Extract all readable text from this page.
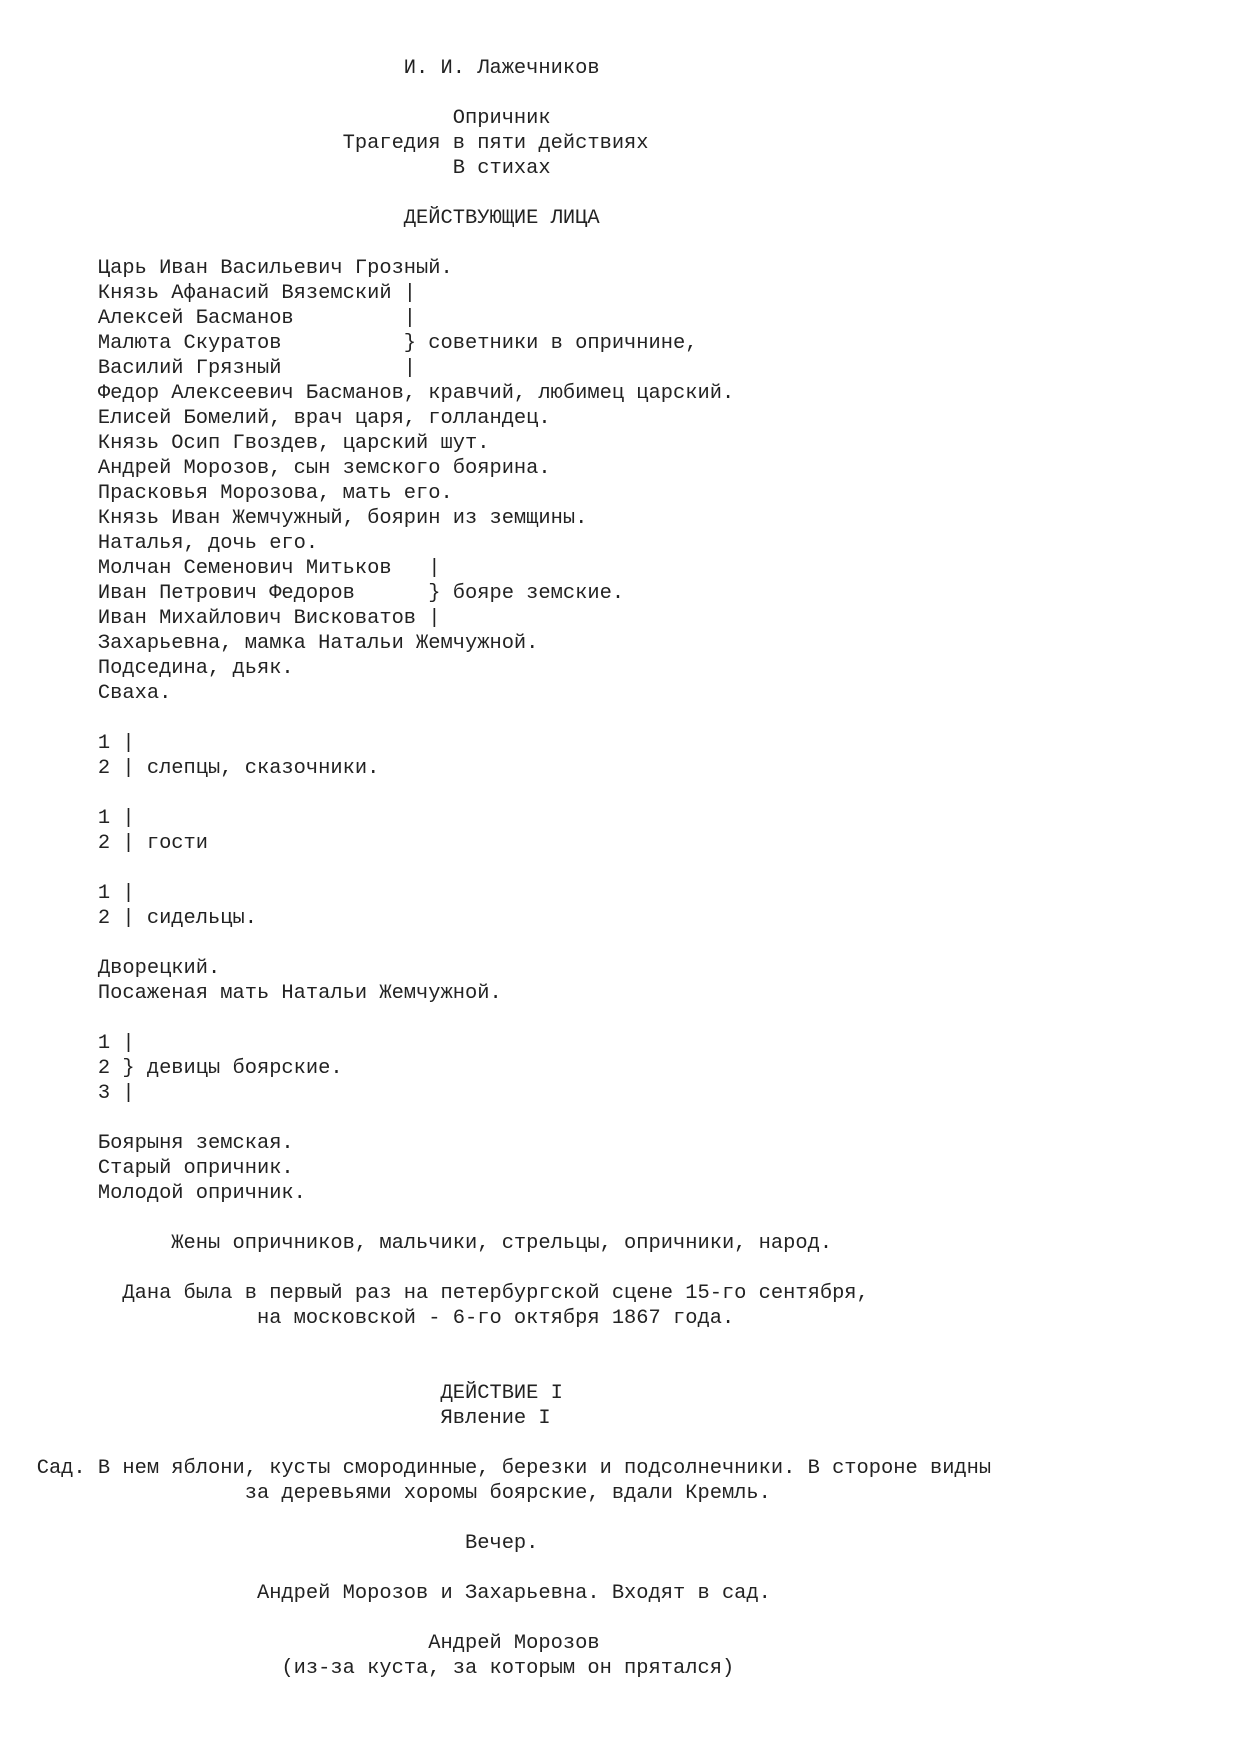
И. И. Лажечников
Опричник
Трагедия в пяти действиях
В стихах
ДЕЙСТВУЮЩИЕ ЛИЦА
Царь Иван Васильевич Грозный.
Князь Афанасий Вяземский |
Алексей Басманов         |
Малюта Скуратов          } советники в опричнине,
Василий Грязный          |
Федор Алексеевич Басманов, кравчий, любимец царский.
Елисей Бомелий, врач царя, голландец.
Князь Осип Гвоздев, царский шут.
Андрей Морозов, сын земского боярина.
Прасковья Морозова, мать его.
Князь Иван Жемчужный, боярин из земщины.
Наталья, дочь его.
Молчан Семенович Митьков   |
Иван Петрович Федоров      } бояре земские.
Иван Михайлович Висковатов |
Захарьевна, мамка Натальи Жемчужной.
Подседина, дьяк.
Сваха.
1 |
2 | слепцы, сказочники.
1 |
2 | гости
1 |
2 | сидельцы.
Дворецкий.
Посаженая мать Натальи Жемчужной.
1 |
2 } девицы боярские.
3 |
Боярыня земская.
Старый опричник.
Молодой опричник.
Жены опричников, мальчики, стрельцы, опричники, народ.
Дана была в первый раз на петербургской сцене 15-го сентября,
на московской - 6-го октября 1867 года.
ДЕЙСТВИЕ I
Явление I
Сад. В нем яблони, кусты смородинные, березки и подсолнечники. В стороне видны
за деревьями хоромы боярские, вдали Кремль.
Вечер.
Андрей Морозов и Захарьевна. Входят в сад.
Андрей Морозов
(из-за куста, за которым он прятался)
